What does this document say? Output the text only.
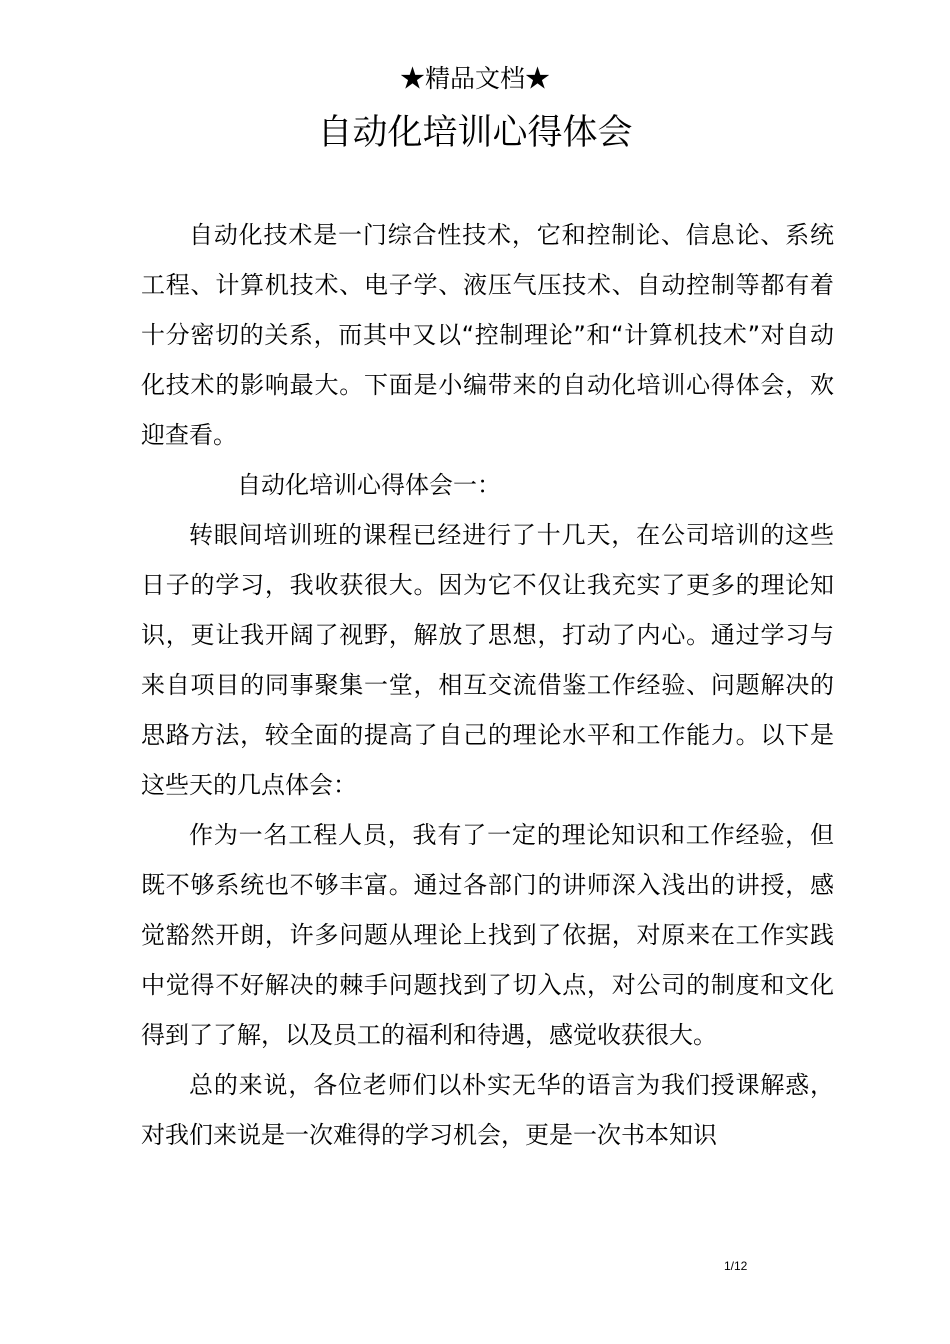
★精品文档★
自动化培训心得体会

自动化技术是一门综合性技术，它和控制论、信息论、系统工程、计算机技术、电子学、液压气压技术、自动控制等都有着十分密切的关系，而其中又以“控制理论”和“计算机技术”对自动化技术的影响最大。下面是小编带来的自动化培训心得体会，欢迎查看。

自动化培训心得体会一：

转眼间培训班的课程已经进行了十几天，在公司培训的这些日子的学习，我收获很大。因为它不仅让我充实了更多的理论知识，更让我开阔了视野，解放了思想，打动了内心。通过学习与来自项目的同事聚集一堂，相互交流借鉴工作经验、问题解决的思路方法，较全面的提高了自己的理论水平和工作能力。以下是这些天的几点体会：

作为一名工程人员，我有了一定的理论知识和工作经验，但既不够系统也不够丰富。通过各部门的讲师深入浅出的讲授，感觉豁然开朗，许多问题从理论上找到了依据，对原来在工作实践中觉得不好解决的棘手问题找到了切入点，对公司的制度和文化得到了了解，以及员工的福利和待遇，感觉收获很大。

总的来说，各位老师们以朴实无华的语言为我们授课解惑，对我们来说是一次难得的学习机会，更是一次书本知识

1/12
